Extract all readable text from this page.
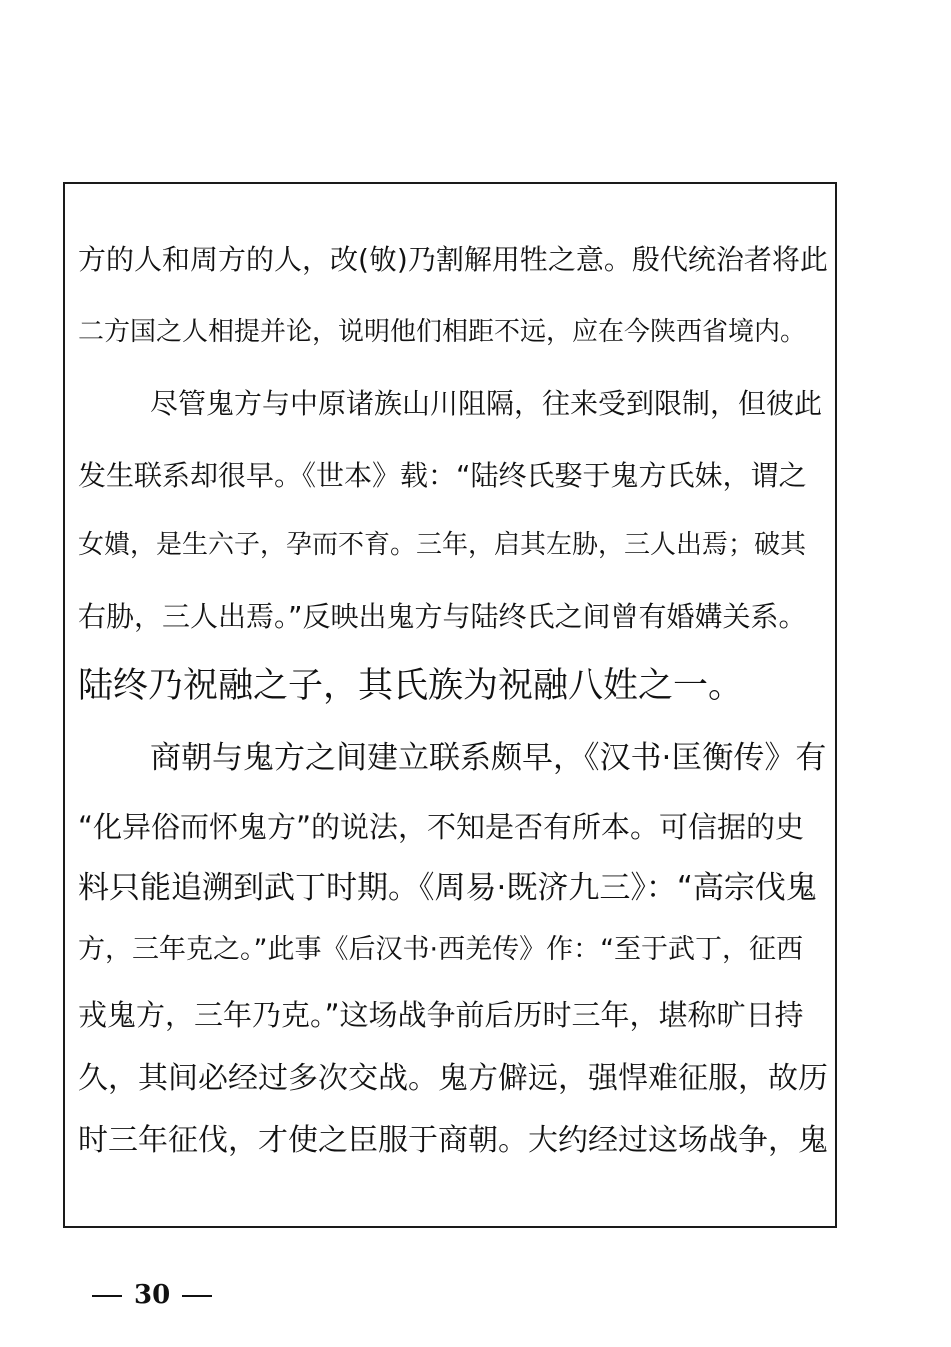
方的人和周方的人，改(敂)乃割解用牲之意。殷代统治者将此
二方国之人相提并论，说明他们相距不远，应在今陕西省境内。
尽管鬼方与中原诸族山川阻隔，往来受到限制，但彼此
发生联系却很早。《世本》载：“陆终氏娶于鬼方氏妹，谓之
女嬇，是生六子，孕而不育。三年，启其左胁，三人出焉；破其
右胁，三人出焉。”反映出鬼方与陆终氏之间曾有婚媾关系。
陆终乃祝融之子，其氏族为祝融八姓之一。
商朝与鬼方之间建立联系颇早，《汉书·匡衡传》有
“化异俗而怀鬼方”的说法，不知是否有所本。可信据的史
料只能追溯到武丁时期。《周易·既济九三》：“高宗伐鬼
方，三年克之。”此事《后汉书·西羌传》作：“至于武丁，征西
戎鬼方，三年乃克。”这场战争前后历时三年，堪称旷日持
久，其间必经过多次交战。鬼方僻远，强悍难征服，故历
时三年征伐，才使之臣服于商朝。大约经过这场战争，鬼
30
